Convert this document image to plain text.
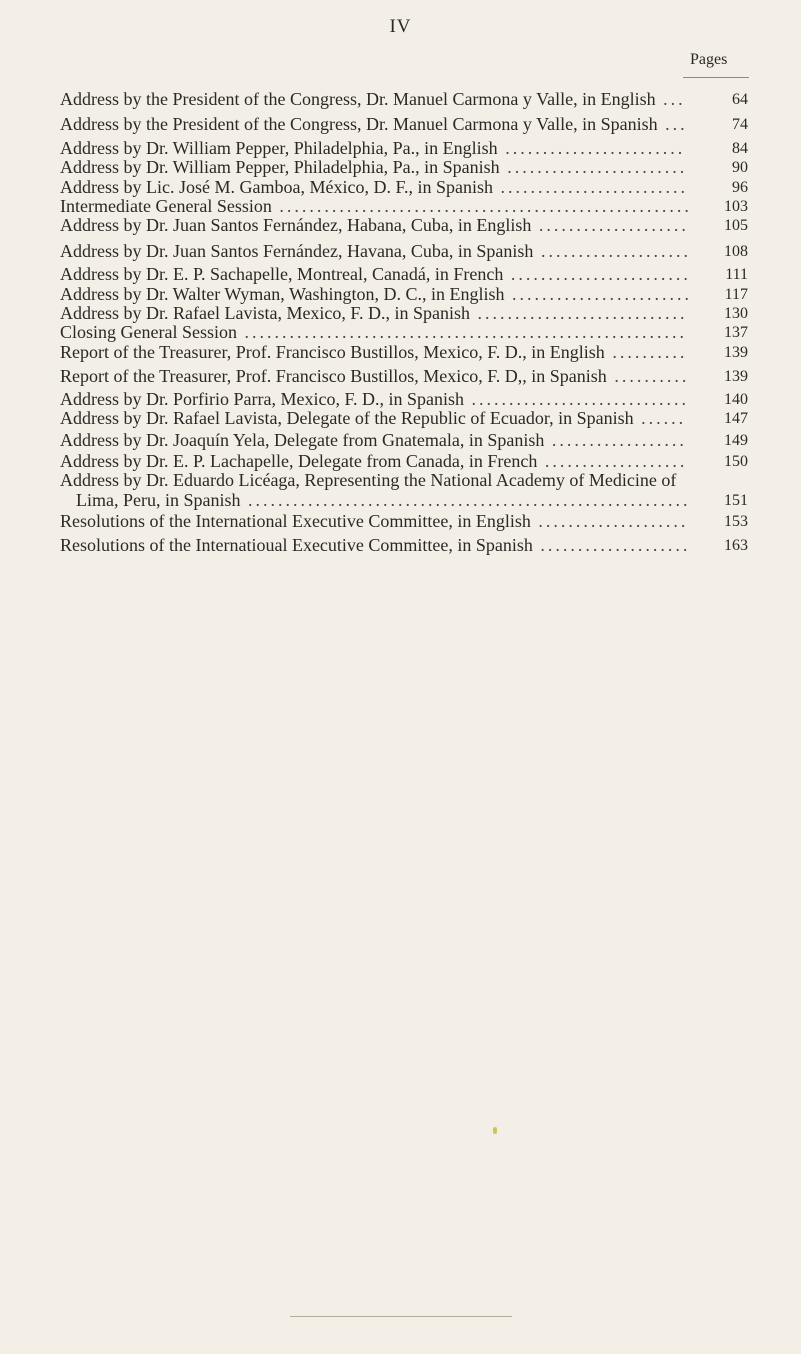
IV
Pages
Address by the President of the Congress, Dr. Manuel Carmona y Valle, in English ...	64
Address by the President of the Congress, Dr. Manuel Carmona y Valle, in Spanish ...	74
Address by Dr. William Pepper, Philadelphia, Pa., in English ........................	84
Address by Dr. William Pepper, Philadelphia, Pa., in Spanish ........................	90
Address by Lic. José M. Gamboa, México, D. F., in Spanish .........................	96
Intermediate General Session ....................................................... 103
Address by Dr. Juan Santos Fernández, Habana, Cuba, in English .................... 105
Address by Dr. Juan Santos Fernández, Havana, Cuba, in Spanish .................... 108
Address by Dr. E. P. Sachapelle, Montreal, Canadá, in French ........................ 111
Address by Dr. Walter Wyman, Washington, D. C., in English ........................ 117
Address by Dr. Rafael Lavista, Mexico, F. D., in Spanish ............................ 130
Closing General Session ...........................................................	137
Report of the Treasurer, Prof. Francisco Bustillos, Mexico, F. D., in English .......... 139
Report of the Treasurer, Prof. Francisco Bustillos, Mexico, F. D,, in Spanish .......... 139
Address by Dr. Porfirio Parra, Mexico, F. D., in Spanish ............................. 140
Address by Dr. Rafael Lavista, Delegate of the Republic of Ecuador, in Spanish ......	147
Address by Dr. Joaquín Yela, Delegate from Gnatemala, in Spanish ..................	149
Address by Dr. E. P. Lachapelle, Delegate from Canada, in French ................... 150
Address by Dr. Eduardo Licéaga, Representing the National Academy of Medicine of Lima, Peru, in Spanish ........................................................... 151
Resolutions of the International Executive Committee, in English .................... 153
Resolutions of the Internatioual Executive Committee, in Spanish .................... 163
